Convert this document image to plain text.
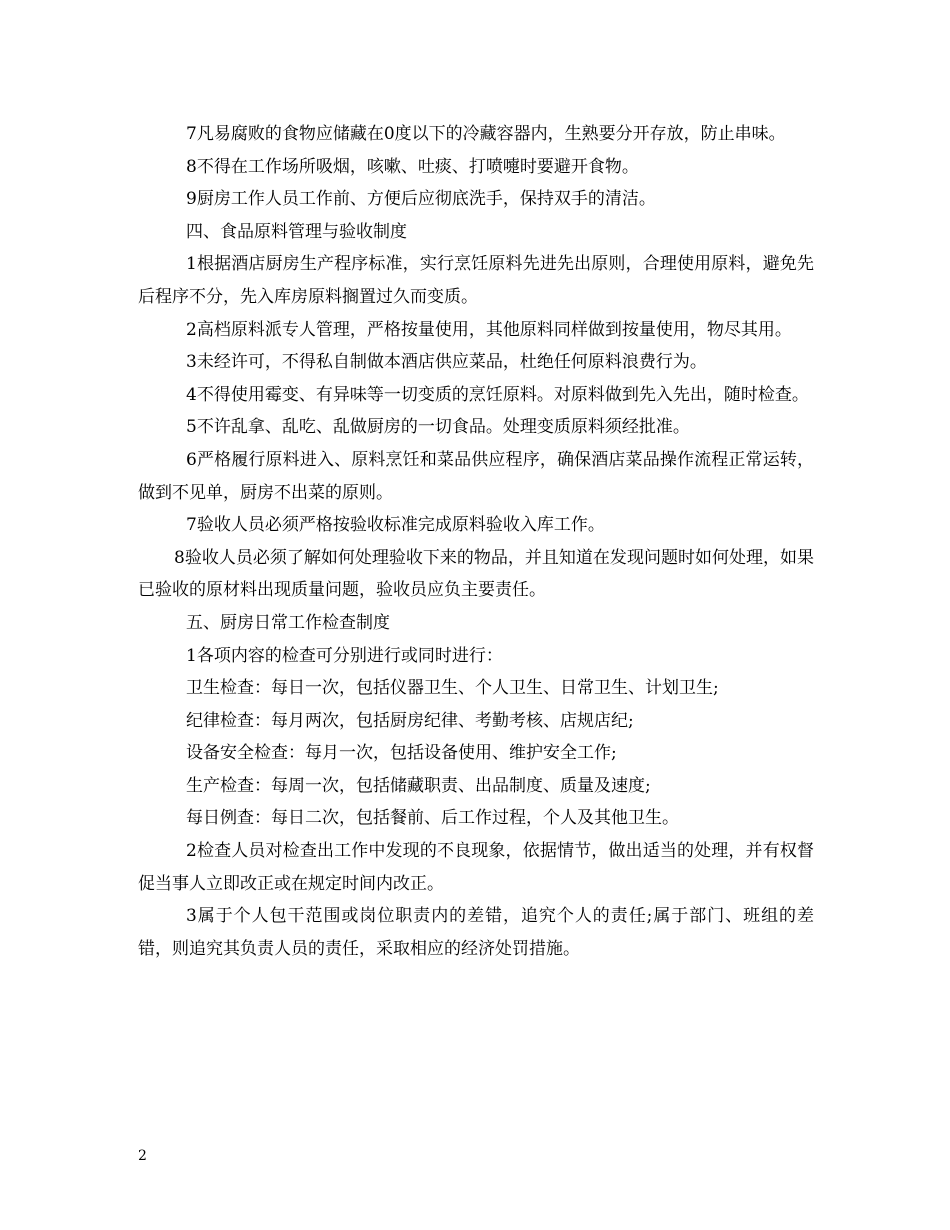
7凡易腐败的食物应储藏在0度以下的冷藏容器内，生熟要分开存放，防止串味。

8不得在工作场所吸烟，咳嗽、吐痰、打喷嚏时要避开食物。

9厨房工作人员工作前、方便后应彻底洗手，保持双手的清洁。

四、食品原料管理与验收制度

1根据酒店厨房生产程序标准，实行烹饪原料先进先出原则，合理使用原料，避免先后程序不分，先入库房原料搁置过久而变质。

2高档原料派专人管理，严格按量使用，其他原料同样做到按量使用，物尽其用。

3未经许可，不得私自制做本酒店供应菜品，杜绝任何原料浪费行为。

4不得使用霉变、有异味等一切变质的烹饪原料。对原料做到先入先出，随时检查。

5不许乱拿、乱吃、乱做厨房的一切食品。处理变质原料须经批准。

6严格履行原料进入、原料烹饪和菜品供应程序，确保酒店菜品操作流程正常运转，做到不见单，厨房不出菜的原则。

7验收人员必须严格按验收标准完成原料验收入库工作。

8验收人员必须了解如何处理验收下来的物品，并且知道在发现问题时如何处理，如果已验收的原材料出现质量问题，验收员应负主要责任。

五、厨房日常工作检查制度

1各项内容的检查可分别进行或同时进行：

卫生检查：每日一次，包括仪器卫生、个人卫生、日常卫生、计划卫生;

纪律检查：每月两次，包括厨房纪律、考勤考核、店规店纪;

设备安全检查：每月一次，包括设备使用、维护安全工作;

生产检查：每周一次，包括储藏职责、出品制度、质量及速度;

每日例查：每日二次，包括餐前、后工作过程，个人及其他卫生。

2检查人员对检查出工作中发现的不良现象，依据情节，做出适当的处理，并有权督促当事人立即改正或在规定时间内改正。

3属于个人包干范围或岗位职责内的差错，追究个人的责任;属于部门、班组的差错，则追究其负责人员的责任，采取相应的经济处罚措施。

2
